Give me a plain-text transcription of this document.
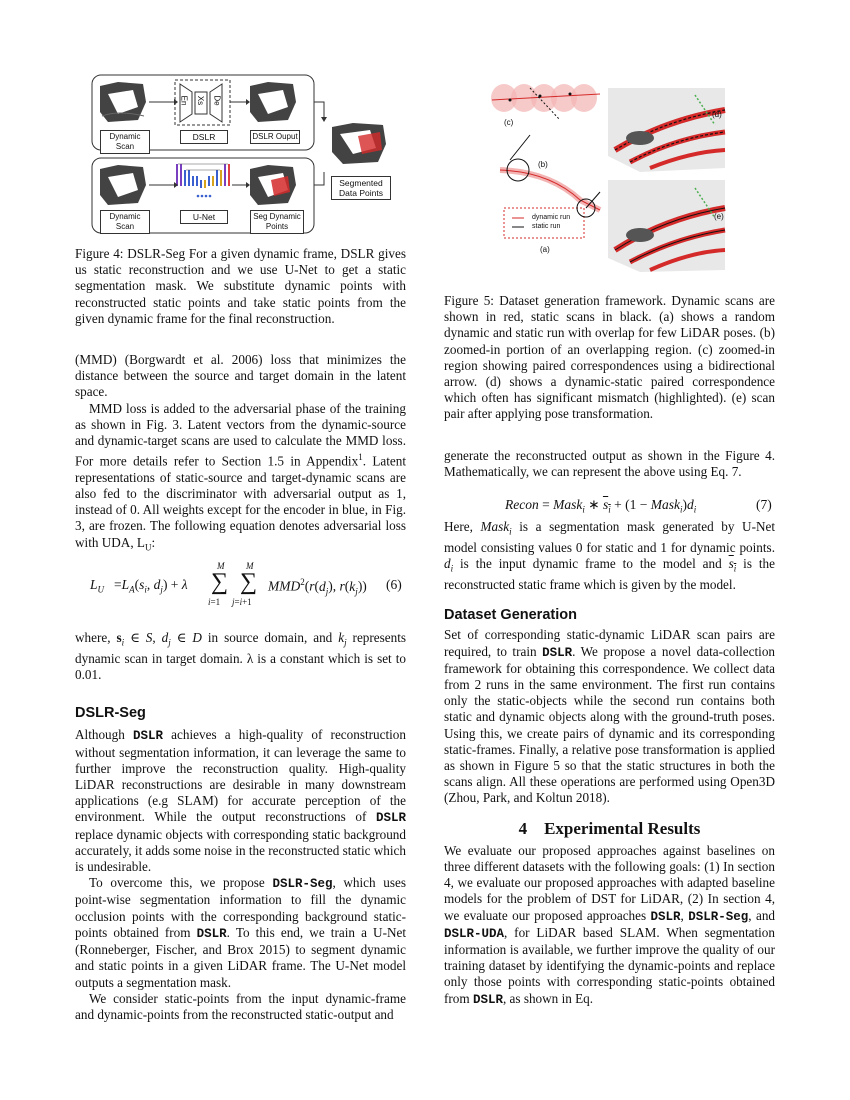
Dynamic Scan
DSLR	DSLR Ouput
Dynamic Scan
U-Net	Seg Dynamic Points
Segmented Data Points
En Xs De
Figure 4: DSLR-Seg For a given dynamic frame, DSLR gives us static reconstruction and we use U-Net to get a static segmentation mask. We substitute dynamic points with reconstructed static points and take static points from the given dynamic frame for the final reconstruction.
(c)
(b)
(a)
(d)
(e)
dynamic run
static run
Figure 5: Dataset generation framework. Dynamic scans are shown in red, static scans in black. (a) shows a random dynamic and static run with overlap for few LiDAR poses. (b) zoomed-in portion of an overlapping region. (c) zoomed-in region showing paired correspondences using a bidirectional arrow. (d) shows a dynamic-static paired correspondence which often has significant mismatch (highlighted). (e) scan pair after applying pose transformation.

(MMD) (Borgwardt et al. 2006) loss that minimizes the distance between the source and target domain in the latent space.

MMD loss is added to the adversarial phase of the training as shown in Fig. 3. Latent vectors from the dynamic-source and dynamic-target scans are used to calculate the MMD loss. For more details refer to Section 1.5 in Appendix$^1$. Latent representations of static-source and target-dynamic scans are also fed to the discriminator with adversarial output as 1, instead of 0. All weights except for the encoder in blue, in Fig. 3, are frozen. The following equation denotes adversarial loss with UDA, $L_U$:

$L_U =L_A(s_i$, $d_j) + \lambda$
M
∑
i=1
M
∑
j=i+1
$MMD^2(r(d_j)$, $r(k_j)$) (6)

where, $s_i$ ∈ S, $d_j$ ∈ D in source domain, and $k_j$ represents dynamic scan in target domain. λ is a constant which is set to 0.01.

DSLR-Seg

Although DSLR achieves a high-quality of reconstruction without segmentation information, it can leverage the same to further improve the reconstruction quality. High-quality LiDAR reconstructions are desirable in many downstream applications (e.g SLAM) for accurate perception of the environment. While the output reconstructions of DSLR replace dynamic objects with corresponding static background accurately, it adds some noise in the reconstructed static which is undesirable.

To overcome this, we propose DSLR-Seg, which uses point-wise segmentation information to fill the dynamic occlusion points with the corresponding background static-points obtained from DSLR. To this end, we train a U-Net (Ronneberger, Fischer, and Brox 2015) to segment dynamic and static points in a given LiDAR frame. The U-Net model outputs a segmentation mask.

We consider static-points from the input dynamic-frame and dynamic-points from the reconstructed static-output and

generate the reconstructed output as shown in the Figure 4. Mathematically, we can represent the above using Eq. 7.

Recon = Mask$_i$ ∗ $s_i + (1$ − $Mask_i)d_i$	(7)

Here, Mask$_i$ is a segmentation mask generated by U-Net model consisting values 0 for static and 1 for dynamic points. $d_i$ is the input dynamic frame to the model and $s_i$ is the reconstructed static frame which is given by the model.

Dataset Generation

Set of corresponding static-dynamic LiDAR scan pairs are required, to train DSLR. We propose a novel data-collection framework for obtaining this correspondence. We collect data from 2 runs in the same environment. The first run contains only the static-objects while the second run contains both static and dynamic objects along with the ground-truth poses. Using this, we create pairs of dynamic and its corresponding static-frames. Finally, a relative pose transformation is applied as shown in Figure 5 so that the static structures in both the scans align. All these operations are performed using Open3D (Zhou, Park, and Koltun 2018).

4    Experimental Results

We evaluate our proposed approaches against baselines on three different datasets with the following goals: (1) In section 4, we evaluate our proposed approaches with adapted baseline models for the problem of DST for LiDAR, (2) In section 4, we evaluate our proposed approaches DSLR, DSLR-Seg, and DSLR-UDA, for LiDAR based SLAM. When segmentation information is available, we further improve the quality of our training dataset by identifying the dynamic-points and replace only those points with corresponding static-points obtained from DSLR, as shown in Eq.
